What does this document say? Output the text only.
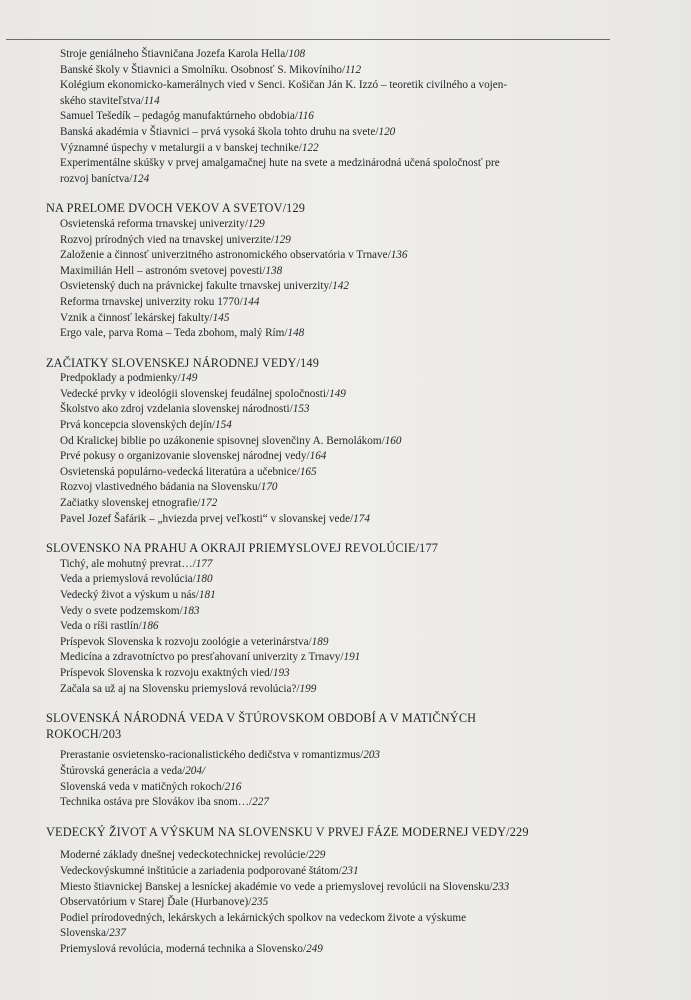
Stroje geniálneho Štiavničana Jozefa Karola Hella/108

Banské školy v Štiavnici a Smolníku. Osobnosť S. Mikovíniho/112

Kolégium ekonomicko-kamerálnych vied v Senci. Košičan Ján K. Izzó – teoretik civilného a vojen-

ského staviteľstva/114

Samuel Tešedík – pedagóg manufaktúrneho obdobia/116

Banská akadémia v Štiavnici – prvá vysoká škola tohto druhu na svete/120

Významné úspechy v metalurgii a v banskej technike/122

Experimentálne skúšky v prvej amalgamačnej hute na svete a medzinárodná učená spoločnosť pre

rozvoj baníctva/124

NA PRELOME DVOCH VEKOV A SVETOV/129

Osvietenská reforma trnavskej univerzity/129

Rozvoj prírodných vied na trnavskej univerzite/129

Založenie a činnosť univerzitného astronomického observatória v Trnave/136

Maximilián Hell – astronóm svetovej povesti/138

Osvietenský duch na právnickej fakulte trnavskej univerzity/142

Reforma trnavskej univerzity roku 1770/144

Vznik a činnosť lekárskej fakulty/145

Ergo vale, parva Roma – Teda zbohom, malý Rím/148

ZAČIATKY SLOVENSKEJ NÁRODNEJ VEDY/149

Predpoklady a podmienky/149

Vedecké prvky v ideológii slovenskej feudálnej spoločnosti/149

Školstvo ako zdroj vzdelania slovenskej národnosti/153

Prvá koncepcia slovenských dejín/154

Od Kralickej biblie po uzákonenie spisovnej slovenčiny A. Bernolákom/160

Prvé pokusy o organizovanie slovenskej národnej vedy/164

Osvietenská populárno-vedecká literatúra a učebnice/165

Rozvoj vlastivedného bádania na Slovensku/170

Začiatky slovenskej etnografie/172

Pavel Jozef Šafárik – „hviezda prvej veľkosti“ v slovanskej vede/174

SLOVENSKO NA PRAHU A OKRAJI PRIEMYSLOVEJ REVOLÚCIE/177

Tichý, ale mohutný prevrat…/177

Veda a priemyslová revolúcia/180

Vedecký život a výskum u nás/181

Vedy o svete podzemskom/183

Veda o ríši rastlín/186

Príspevok Slovenska k rozvoju zoológie a veterinárstva/189

Medicína a zdravotníctvo po presťahovaní univerzity z Trnavy/191

Príspevok Slovenska k rozvoju exaktných vied/193

Začala sa už aj na Slovensku priemyslová revolúcia?/199

SLOVENSKÁ NÁRODNÁ VEDA V ŠTÚROVSKOM OBDOBÍ A V MATIČNÝCH

ROKOCH/203

Prerastanie osvietensko-racionalistického dedičstva v romantizmus/203

Štúrovská generácia a veda/204/

Slovenská veda v matičných rokoch/216

Technika ostáva pre Slovákov iba snom…/227

VEDECKÝ ŽIVOT A VÝSKUM NA SLOVENSKU V PRVEJ FÁZE MODERNEJ VEDY/229

Moderné základy dnešnej vedeckotechnickej revolúcie/229

Vedeckovýskumné inštitúcie a zariadenia podporované štátom/231

Miesto štiavnickej Banskej a lesníckej akadémie vo vede a priemyslovej revolúcii na Slovensku/233

Observatórium v Starej Ďale (Hurbanove)/235

Podiel prírodovedných, lekárskych a lekárnických spolkov na vedeckom živote a výskume

Slovenska/237

Priemyslová revolúcia, moderná technika a Slovensko/249
